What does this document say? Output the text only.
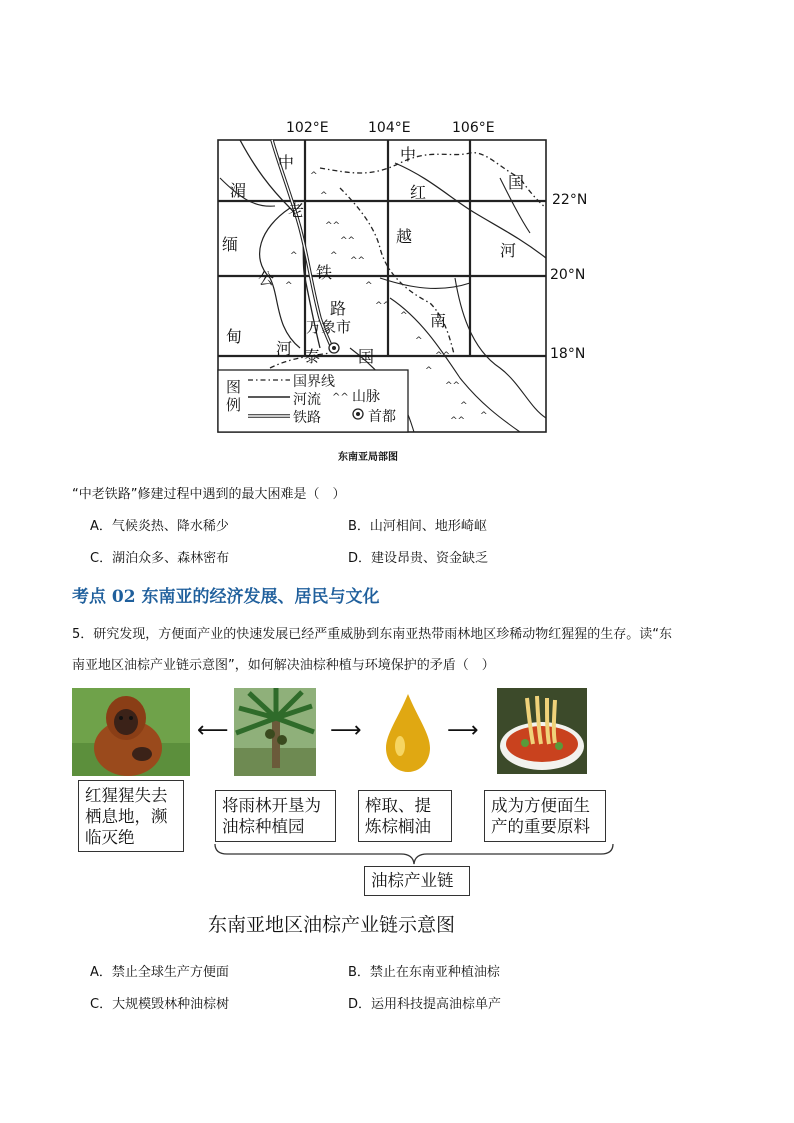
^^
^^
^ ^^
^
^^
^
^
^
^
^^
^
^^
^
^^ ^
^
^
^^
102°E	104°E	106°E
22°N
20°N
18°N
中	中
国
湄
老
缅
公
甸
河
红
越
河
铁
路
南
万象市
泰 国
图例
国界线
河流
铁路
山脉
首都
东南亚局部图
“中老铁路”修建过程中遇到的最大困难是（　）
A．气候炎热、降水稀少	B．山河相间、地形崎岖
C．湖泊众多、森林密布	D．建设昂贵、资金缺乏
考点 02 东南亚的经济发展、居民与文化
5．研究发现，方便面产业的快速发展已经严重威胁到东南亚热带雨林地区珍稀动物红猩猩的生存。读“东
南亚地区油棕产业链示意图”，如何解决油棕种植与环境保护的矛盾（　）
⟵	⟶	⟶
红猩猩失去
栖息地，濒
临灭绝
将雨林开垦为
油棕种植园
榨取、提
炼棕榈油
成为方便面生
产的重要原料
油棕产业链
东南亚地区油棕产业链示意图
A．禁止全球生产方便面	B．禁止在东南亚种植油棕
C．大规模毁林种油棕树	D．运用科技提高油棕单产
